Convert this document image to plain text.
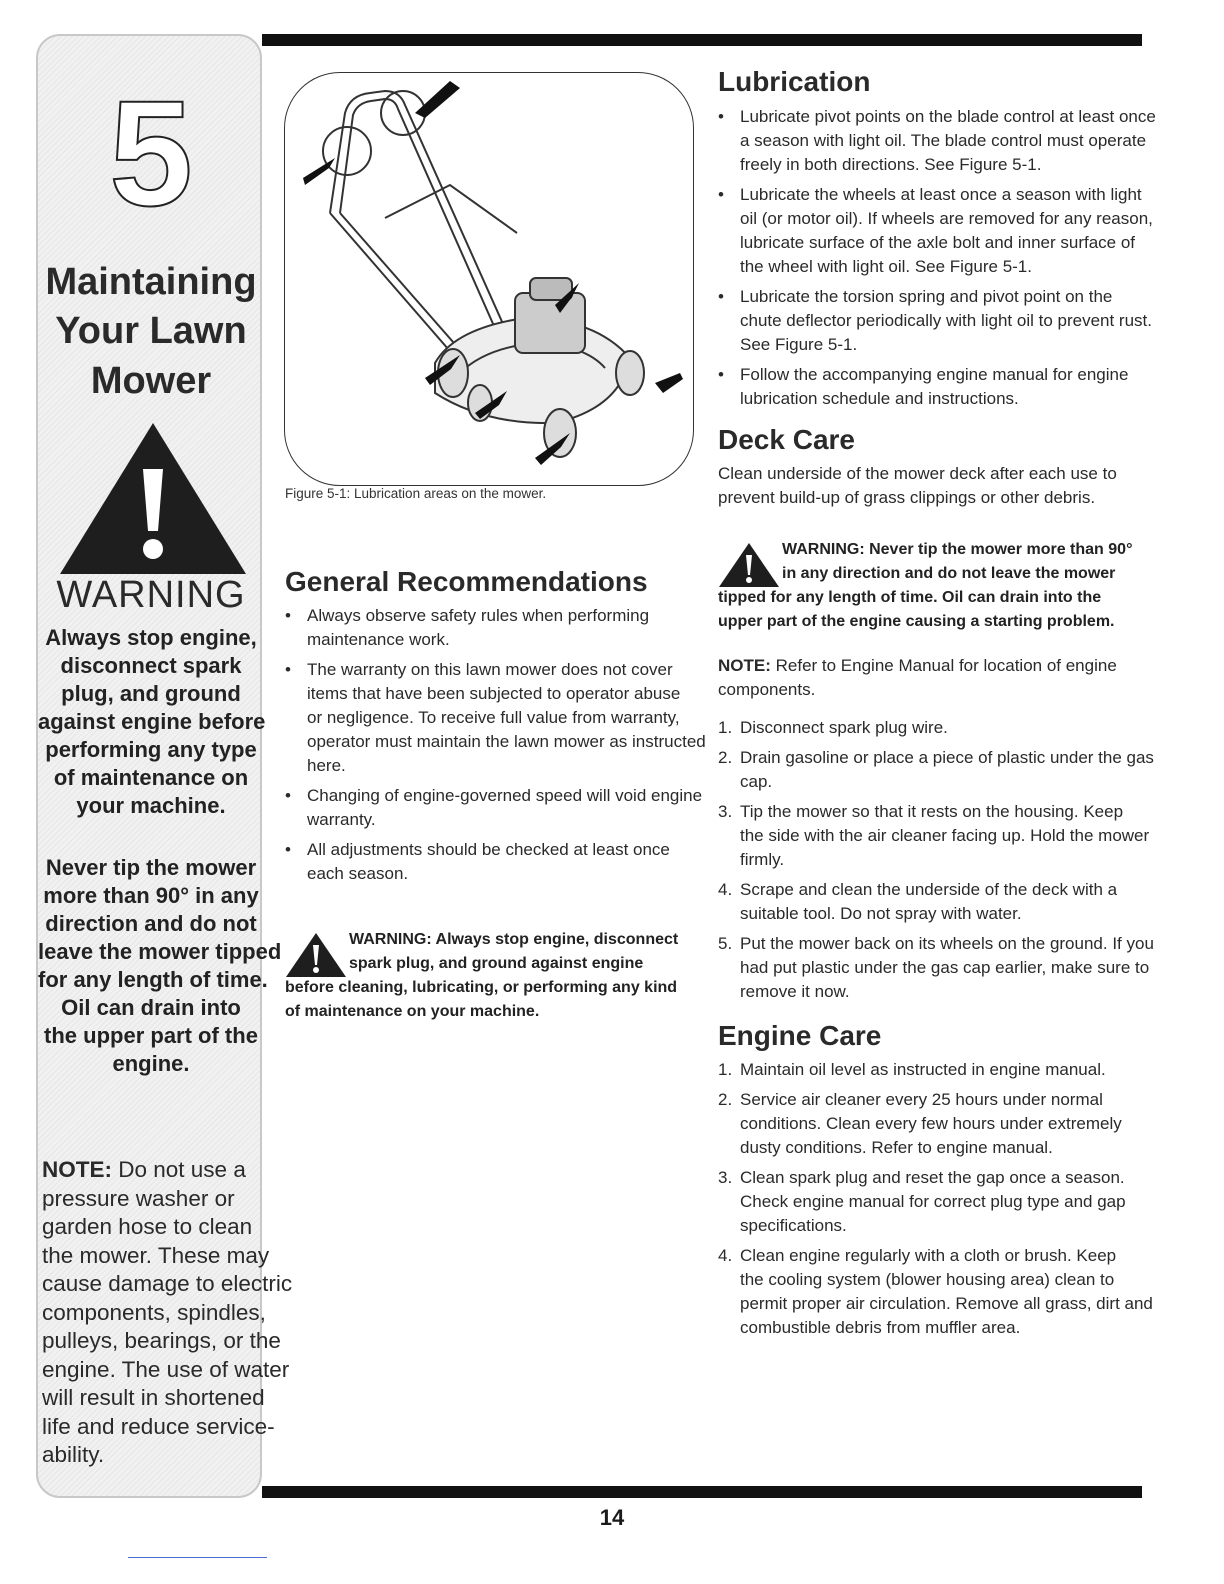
5
Maintaining
Your Lawn
Mower
WARNING
Always stop engine,
disconnect spark
plug, and ground
against engine before
performing any type
of maintenance on
your machine.
Never tip the mower
more than 90° in any
direction and do not
leave the mower tipped
for any length of time.
Oil can drain into
the upper part of the
engine.
NOTE: Do not use a
pressure washer or
garden hose to clean
the mower. These may
cause damage to electric
components, spindles,
pulleys, bearings, or the
engine. The use of water
will result in shortened
life and reduce service-
ability.
Figure 5-1: Lubrication areas on the mower.
General Recommendations
• Always observe safety rules when performing
maintenance work.
• The warranty on this lawn mower does not cover
items that have been subjected to operator abuse
or negligence. To receive full value from warranty,
operator must maintain the lawn mower as instructed
here.
• Changing of engine-governed speed will void engine
warranty.
• All adjustments should be checked at least once
each season.
WARNING: Always stop engine, disconnect
spark plug, and ground against engine
before cleaning, lubricating, or performing any kind
of maintenance on your machine.
Lubrication
• Lubricate pivot points on the blade control at least once
a season with light oil. The blade control must operate
freely in both directions. See Figure 5-1.
• Lubricate the wheels at least once a season with light
oil (or motor oil). If wheels are removed for any reason,
lubricate surface of the axle bolt and inner surface of
the wheel with light oil. See Figure 5-1.
• Lubricate the torsion spring and pivot point on the
chute deflector periodically with light oil to prevent rust.
See Figure 5-1.
• Follow the accompanying engine manual for engine
lubrication schedule and instructions.
Deck Care
Clean underside of the mower deck after each use to
prevent build-up of grass clippings or other debris.
WARNING: Never tip the mower more than 90°
in any direction and do not leave the mower
tipped for any length of time. Oil can drain into the
upper part of the engine causing a starting problem.
NOTE: Refer to Engine Manual for location of engine
components.
1. Disconnect spark plug wire.
2. Drain gasoline or place a piece of plastic under the gas
cap.
3. Tip the mower so that it rests on the housing. Keep
the side with the air cleaner facing up. Hold the mower
firmly.
4. Scrape and clean the underside of the deck with a
suitable tool. Do not spray with water.
5. Put the mower back on its wheels on the ground. If you
had put plastic under the gas cap earlier, make sure to
remove it now.
Engine Care
1. Maintain oil level as instructed in engine manual.
2. Service air cleaner every 25 hours under normal
conditions. Clean every few hours under extremely
dusty conditions. Refer to engine manual.
3. Clean spark plug and reset the gap once a season.
Check engine manual for correct plug type and gap
specifications.
4. Clean engine regularly with a cloth or brush. Keep
the cooling system (blower housing area) clean to
permit proper air circulation. Remove all grass, dirt and
combustible debris from muffler area.
14
